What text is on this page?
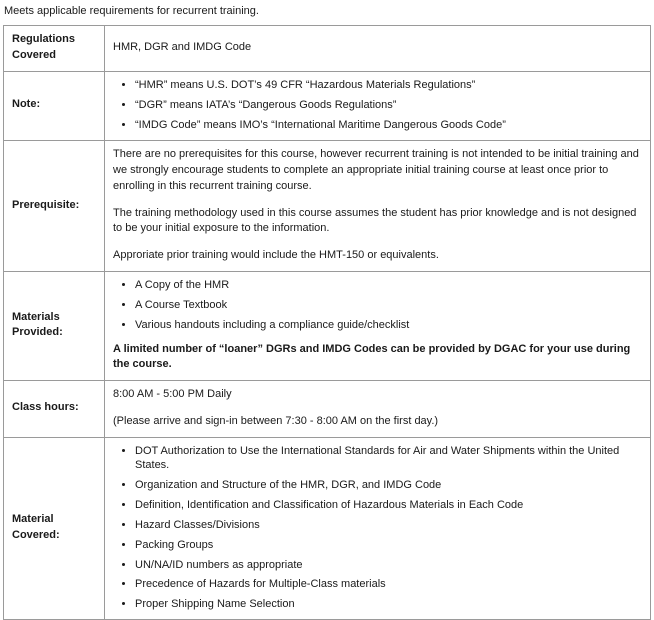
Meets applicable requirements for recurrent training.
Regulations Covered	HMR, DGR and IMDG Code

Note:	
• “HMR” means U.S. DOT’s 49 CFR “Hazardous Materials Regulations”
• “DGR” means IATA’s “Dangerous Goods Regulations”
• “IMDG Code” means IMO’s “International Maritime Dangerous Goods Code”

Prerequisite:	There are no prerequisites for this course, however recurrent training is not intended to be initial training and we strongly encourage students to complete an appropriate initial training course at least once prior to enrolling in this recurrent training course.

The training methodology used in this course assumes the student has prior knowledge and is not designed to be your initial exposure to the information.

Approriate prior training would include the HMT-150 or equivalents.

Materials Provided:	
• A Copy of the HMR
• A Course Textbook
• Various handouts including a compliance guide/checklist

A limited number of “loaner” DGRs and IMDG Codes can be provided by DGAC for your use during the course.

Class hours:	8:00 AM - 5:00 PM Daily
(Please arrive and sign-in between 7:30 - 8:00 AM on the first day.)

Material Covered:	
• DOT Authorization to Use the International Standards for Air and Water Shipments within the United States.
• Organization and Structure of the HMR, DGR, and IMDG Code
• Definition, Identification and Classification of Hazardous Materials in Each Code
• Hazard Classes/Divisions
• Packing Groups
• UN/NA/ID numbers as appropriate
• Precedence of Hazards for Multiple-Class materials
• Proper Shipping Name Selection
